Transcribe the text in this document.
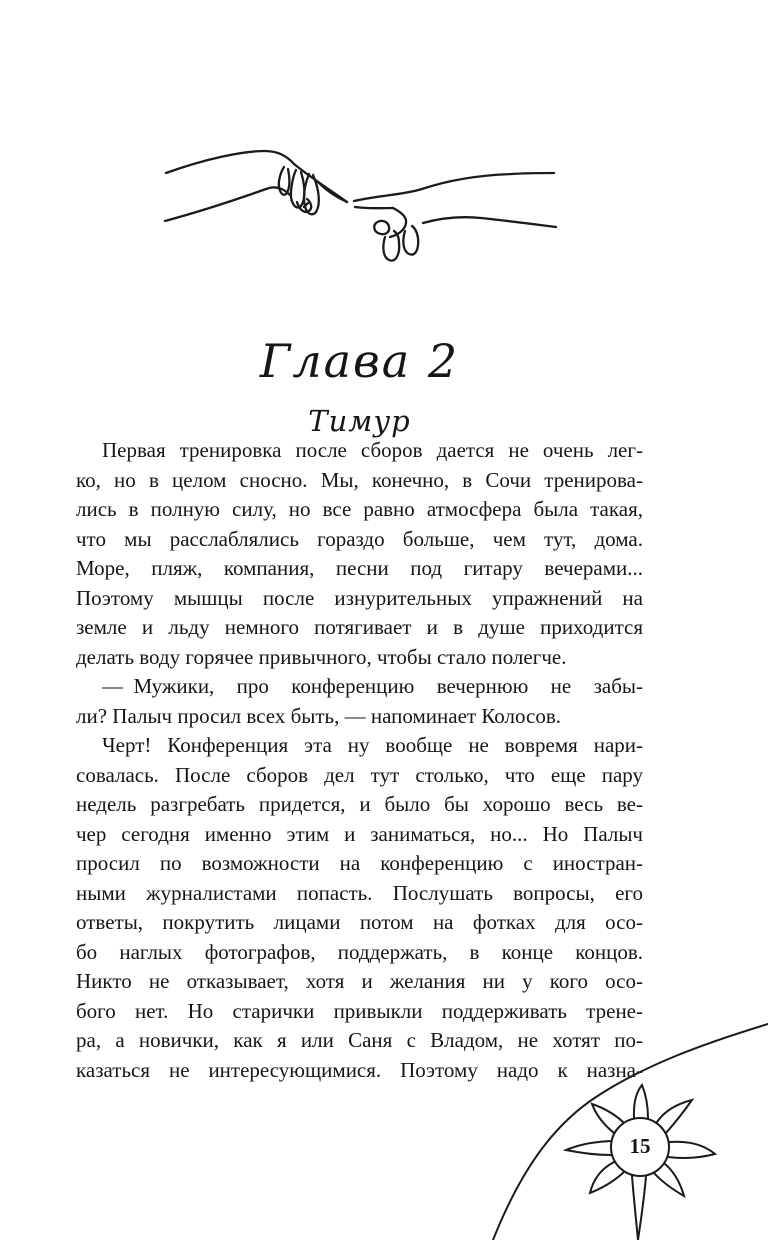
Глава 2
Тимур
Первая тренировка после сборов дается не очень лег-
ко, но в целом сносно. Мы, конечно, в Сочи тренирова-
лись в полную силу, но все равно атмосфера была такая,
что мы расслаблялись гораздо больше, чем тут, дома.
Море, пляж, компания, песни под гитару вечерами...
Поэтому мышцы после изнурительных упражнений на
земле и льду немного потягивает и в душе приходится
делать воду горячее привычного, чтобы стало полегче.
— Мужики, про конференцию вечернюю не забы-
ли? Палыч просил всех быть, — напоминает Колосов.
Черт! Конференция эта ну вообще не вовремя нари-
совалась. После сборов дел тут столько, что еще пару
недель разгребать придется, и было бы хорошо весь ве-
чер сегодня именно этим и заниматься, но... Но Палыч
просил по возможности на конференцию с иностран-
ными журналистами попасть. Послушать вопросы, его
ответы, покрутить лицами потом на фотках для осо-
бо наглых фотографов, поддержать, в конце концов.
Никто не отказывает, хотя и желания ни у кого осо-
бого нет. Но старички привыкли поддерживать трене-
ра, а новички, как я или Саня с Владом, не хотят по-
казаться не интересующимися. Поэтому надо к назна-
15
